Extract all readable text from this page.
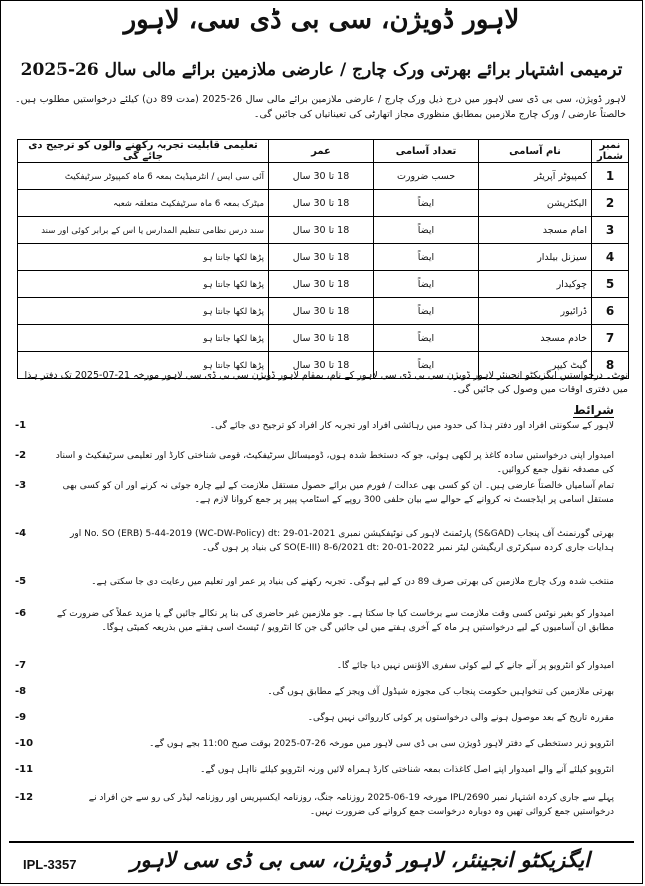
لاہور ڈویژن، سی بی ڈی سی، لاہور
ترمیمی اشتہار برائے بھرتی ورک چارج / عارضی ملازمین برائے مالی سال 26-2025
لاہور ڈویژن، سی بی ڈی سی لاہور میں درج ذیل ورک چارج / عارضی ملازمین برائے مالی سال 26-2025 (مدت 89 دن) کیلئے درخواستیں مطلوب ہیں۔ خالصتاً عارضی / ورک چارج ملازمین بمطابق منظوری مجاز اتھارٹی کی تعیناتیاں کی جائیں گی۔
نمبر شمار	نام آسامی	تعداد آسامی	عمر	تعلیمی قابلیت تجربہ رکھنے والوں کو ترجیح دی جائے گی
1	کمپیوٹر آپریٹر	حسب ضرورت	18 تا 30 سال	آئی سی ایس / انٹرمیڈیٹ بمعہ 6 ماہ کمپیوٹر سرٹیفکیٹ
2	الیکٹریشن	ایضاً	18 تا 30 سال	میٹرک بمعہ 6 ماہ سرٹیفکیٹ متعلقہ شعبہ
3	امام مسجد	ایضاً	18 تا 30 سال	سند درس نظامی تنظیم المدارس یا اس کے برابر کوئی اور سند
4	سیزنل بیلدار	ایضاً	18 تا 30 سال	پڑھا لکھا جانتا ہو
5	چوکیدار	ایضاً	18 تا 30 سال	پڑھا لکھا جانتا ہو
6	ڈرائیور	ایضاً	18 تا 30 سال	پڑھا لکھا جانتا ہو
7	خادم مسجد	ایضاً	18 تا 30 سال	پڑھا لکھا جانتا ہو
8	گیٹ کیپر	ایضاً	18 تا 30 سال	پڑھا لکھا جانتا ہو
نوٹ۔ درخواستیں ایگزیکٹو انجینئر لاہور ڈویژن سی بی ڈی سی لاہور کے نام، بمقام لاہور ڈویژن سی بی ڈی سی لاہور مورخہ 21-07-2025 تک دفتر ہذا میں دفتری اوقات میں وصول کی جائیں گی۔
شرائط
-1	لاہور کے سکونتی افراد اور دفتر ہذا کی حدود میں رہائشی افراد اور تجربہ کار افراد کو ترجیح دی جائے گی۔
-2	امیدوار اپنی درخواستیں سادہ کاغذ پر لکھی ہوئی، جو کہ دستخط شدہ ہوں، ڈومیسائل سرٹیفکیٹ، قومی شناختی کارڈ اور تعلیمی سرٹیفکیٹ و اسناد کی مصدقہ نقول جمع کروائیں۔
-3	تمام آسامیاں خالصتاً عارضی ہیں۔ ان کو کسی بھی عدالت / فورم میں برائے حصول مستقل ملازمت کے لیے چارہ جوئی نہ کرنے اور ان کو کسی بھی مستقل اسامی پر ایڈجسٹ نہ کروانے کے حوالے سے بیان حلفی 300 روپے کے اسٹامپ پیپر پر جمع کروانا لازم ہے۔
-4	بھرتی گورنمنٹ آف پنجاب (S&GAD) پارٹمنٹ لاہور کی نوٹیفکیشن نمبری No. SO (ERB) 5-44-2019 (WC-DW-Policy) dt: 29-01-2021 اور ہدایات جاری کردہ سیکرٹری اریگیشن لیٹر نمبر SO(E-III) 8-6/2021 dt: 20-01-2022 کی بنیاد پر ہوں گی۔
-5	منتخب شدہ ورک چارج ملازمین کی بھرتی صرف 89 دن کے لیے ہوگی۔ تجربہ رکھنے کی بنیاد پر عمر اور تعلیم میں رعایت دی جا سکتی ہے۔
-6	امیدوار کو بغیر نوٹس کسی وقت ملازمت سے برخاست کیا جا سکتا ہے۔ جو ملازمین غیر حاضری کی بنا پر نکالے جائیں گے یا مزید عملاً کی ضرورت کے مطابق ان آسامیوں کے لیے درخواستیں ہر ماہ کے آخری ہفتے میں لی جائیں گی جن کا انٹرویو / ٹیسٹ اسی ہفتے میں بذریعہ کمیٹی ہوگا۔
-7	امیدوار کو انٹرویو پر آنے جانے کے لیے کوئی سفری الاؤنس نہیں دیا جائے گا۔
-8	بھرتی ملازمین کی تنخواہیں حکومت پنجاب کی مجوزہ شیڈول آف ویجز کے مطابق ہوں گی۔
-9	مقررہ تاریخ کے بعد موصول ہونے والی درخواستوں پر کوئی کارروائی نہیں ہوگی۔
-10	انٹرویو زیر دستخطی کے دفتر لاہور ڈویژن سی بی ڈی سی لاہور میں مورخہ 26-07-2025 بوقت صبح 11:00 بجے ہوں گے۔
-11	انٹرویو کیلئے آنے والے امیدوار اپنے اصل کاغذات بمعہ شناختی کارڈ ہمراہ لائیں ورنہ انٹرویو کیلئے نااہل ہوں گے۔
-12	پہلے سے جاری کردہ اشتہار نمبر IPL/2690 مورخہ 19-06-2025 روزنامہ جنگ، روزنامہ ایکسپریس اور روزنامہ لیڈر کی رو سے جن افراد نے درخواستیں جمع کروائی تھیں وہ دوبارہ درخواست جمع کروانے کی ضرورت نہیں۔
ایگزیکٹو انجینئر، لاہور ڈویژن، سی بی ڈی سی لاہور
IPL-3357
